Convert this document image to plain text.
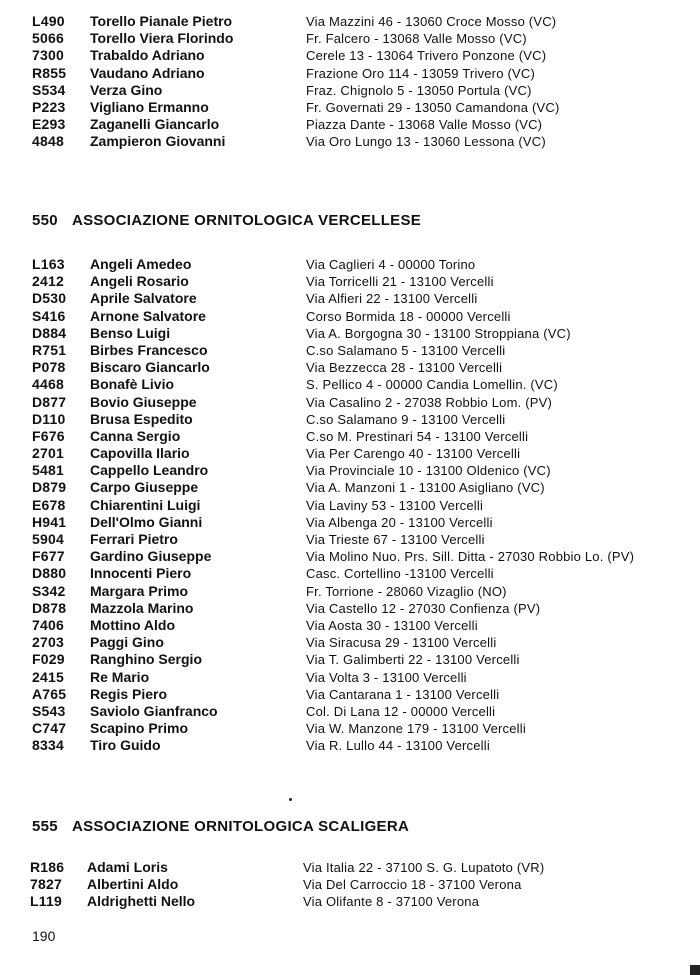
L490 Torello Pianale Pietro	Via Mazzini 46 - 13060 Croce Mosso (VC)
5066 Torello Viera Florindo	Fr. Falcero - 13068 Valle Mosso (VC)
7300 Trabaldo Adriano	Cerele 13 - 13064 Trivero Ponzone (VC)
R855 Vaudano Adriano	Frazione Oro 114 - 13059 Trivero (VC)
S534 Verza Gino	Fraz. Chignolo 5 - 13050 Portula (VC)
P223 Vigliano Ermanno	Fr. Governati 29 - 13050 Camandona (VC)
E293 Zaganelli Giancarlo	Piazza Dante - 13068 Valle Mosso (VC)
4848 Zampieron Giovanni	Via Oro Lungo 13 - 13060 Lessona (VC)
550 ASSOCIAZIONE ORNITOLOGICA VERCELLESE
L163 Angeli Amedeo	Via Caglieri 4 - 00000 Torino
2412 Angeli Rosario	Via Torricelli 21 - 13100 Vercelli
D530 Aprile Salvatore	Via Alfieri 22 - 13100 Vercelli
S416 Arnone Salvatore	Corso Bormida 18 - 00000 Vercelli
D884 Benso Luigi	Via A. Borgogna 30 - 13100 Stroppiana (VC)
R751 Birbes Francesco	C.so Salamano 5 - 13100 Vercelli
P078 Biscaro Giancarlo	Via Bezzecca 28 - 13100 Vercelli
4468 Bonafè Livio	S. Pellico 4 - 00000 Candia Lomellin. (VC)
D877 Bovio Giuseppe	Via Casalino 2 - 27038 Robbio Lom. (PV)
D110 Brusa Espedito	C.so Salamano 9 - 13100 Vercelli
F676 Canna Sergio	C.so M. Prestinari 54 - 13100 Vercelli
2701 Capovilla Ilario	Via Per Carengo 40 - 13100 Vercelli
5481 Cappello Leandro	Via Provinciale 10 - 13100 Oldenico (VC)
D879 Carpo Giuseppe	Via A. Manzoni 1 - 13100 Asigliano (VC)
E678 Chiarentini Luigi	Via Laviny 53 - 13100 Vercelli
H941 Dell'Olmo Gianni	Via Albenga 20 - 13100 Vercelli
5904 Ferrari Pietro	Via Trieste 67 - 13100 Vercelli
F677 Gardino Giuseppe	Via Molino Nuo. Prs. Sill. Ditta - 27030 Robbio Lo. (PV)
D880 Innocenti Piero	Casc. Cortellino -13100 Vercelli
S342 Margara Primo	Fr. Torrione - 28060 Vizaglio (NO)
D878 Mazzola Marino	Via Castello 12 - 27030 Confienza (PV)
7406 Mottino Aldo	Via Aosta 30 - 13100 Vercelli
2703 Paggi Gino	Via Siracusa 29 - 13100 Vercelli
F029 Ranghino Sergio	Via T. Galimberti 22 - 13100 Vercelli
2415 Re Mario	Via Volta 3 - 13100 Vercelli
A765 Regis Piero	Via Cantarana 1 - 13100 Vercelli
S543 Saviolo Gianfranco	Col. Di Lana 12 - 00000 Vercelli
C747 Scapino Primo	Via W. Manzone 179 - 13100 Vercelli
8334 Tiro Guido	Via R. Lullo 44 - 13100 Vercelli
555 ASSOCIAZIONE ORNITOLOGICA SCALIGERA
R186 Adami Loris	Via Italia 22 - 37100 S. G. Lupatoto (VR)
7827 Albertini Aldo	Via Del Carroccio 18 - 37100 Verona
L119 Aldrighetti Nello	Via Olifante 8 - 37100 Verona
190
